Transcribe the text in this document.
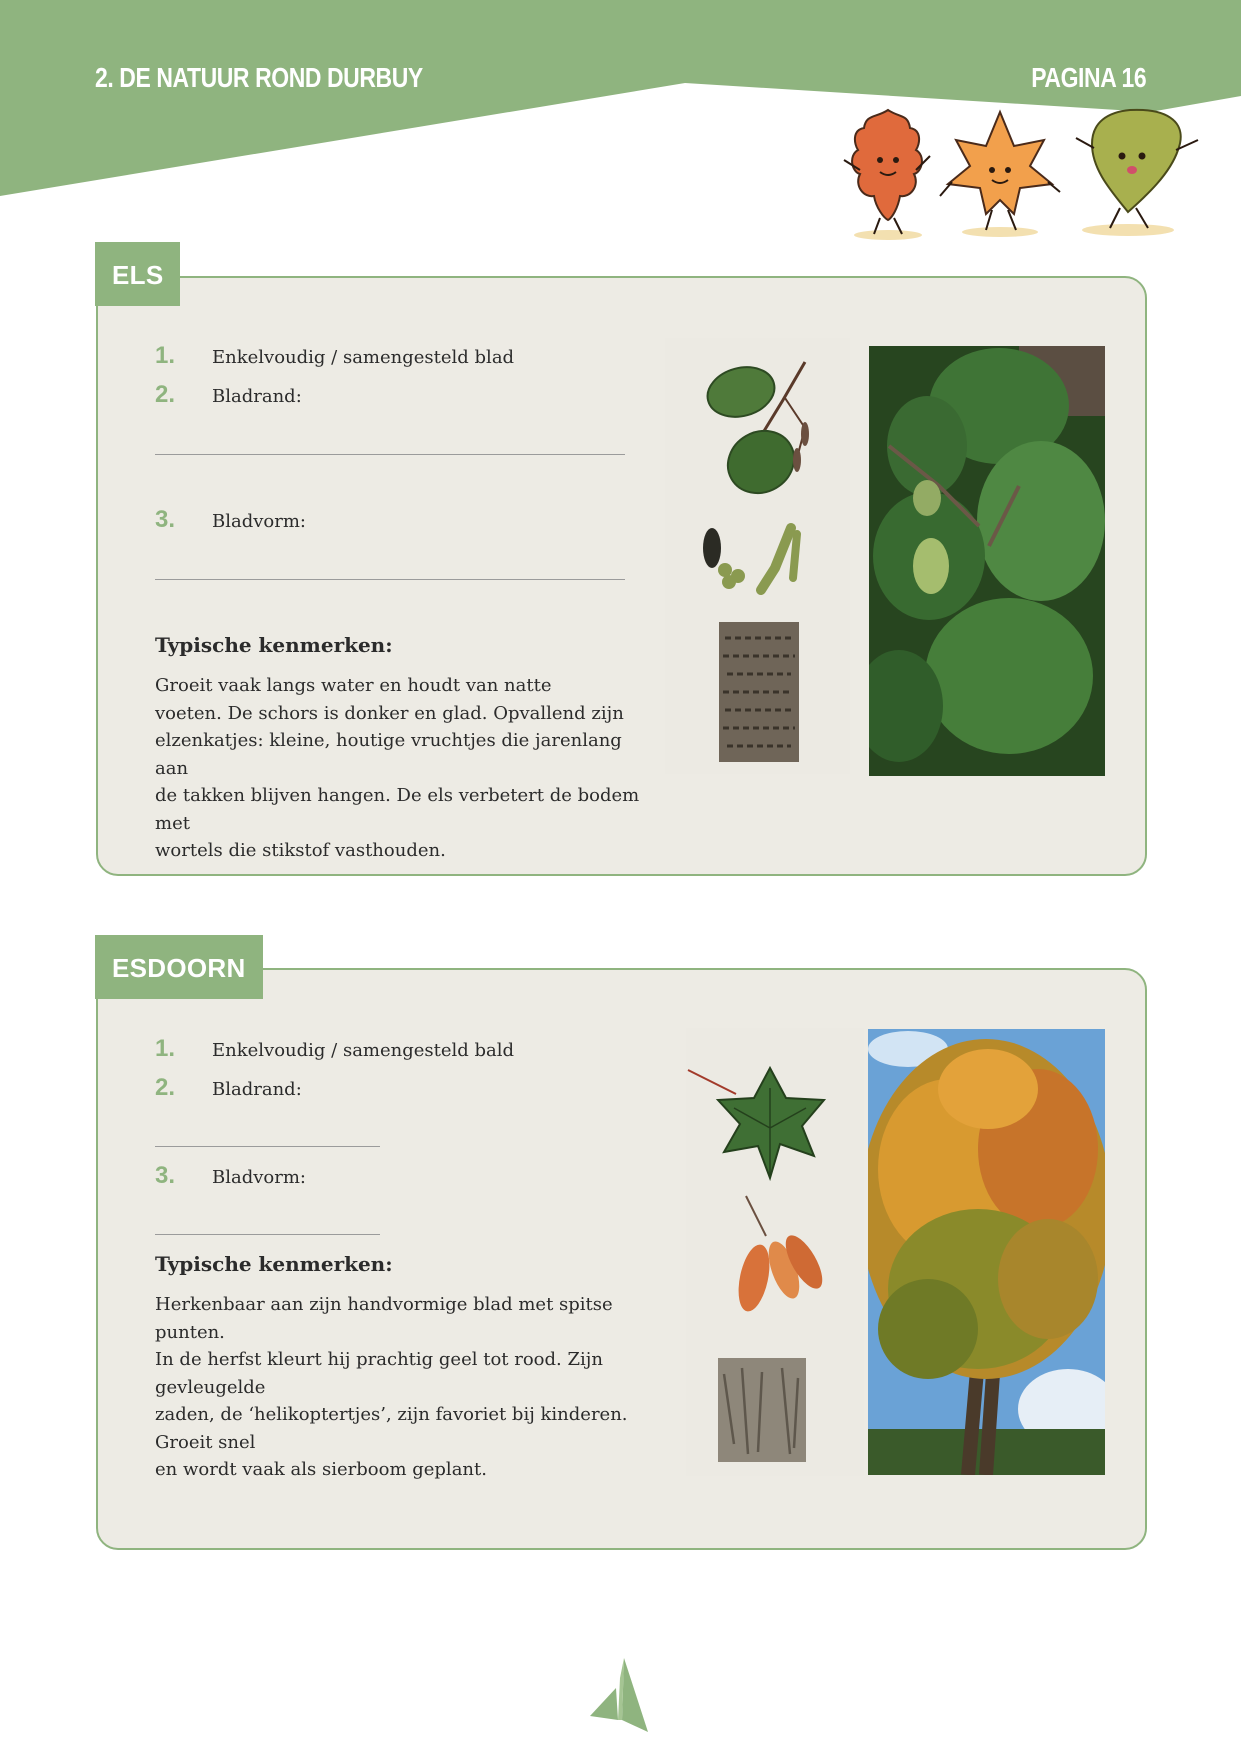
2. DE NATUUR ROND DURBUY	PAGINA 16
ELS
1.	Enkelvoudig / samengesteld blad
2.	Bladrand:
3.	Bladvorm:
Typische kenmerken:
Groeit vaak langs water en houdt van natte
voeten. De schors is donker en glad. Opvallend zijn
elzenkatjes: kleine, houtige vruchtjes die jarenlang aan
de takken blijven hangen. De els verbetert de bodem met
wortels die stikstof vasthouden.
ESDOORN
1.	Enkelvoudig / samengesteld bald
2.	Bladrand:
3.	Bladvorm:
Typische kenmerken:
Herkenbaar aan zijn handvormige blad met spitse punten.
In de herfst kleurt hij prachtig geel tot rood. Zijn gevleugelde
zaden, de ‘helikoptertjes’, zijn favoriet bij kinderen. Groeit snel
en wordt vaak als sierboom geplant.
